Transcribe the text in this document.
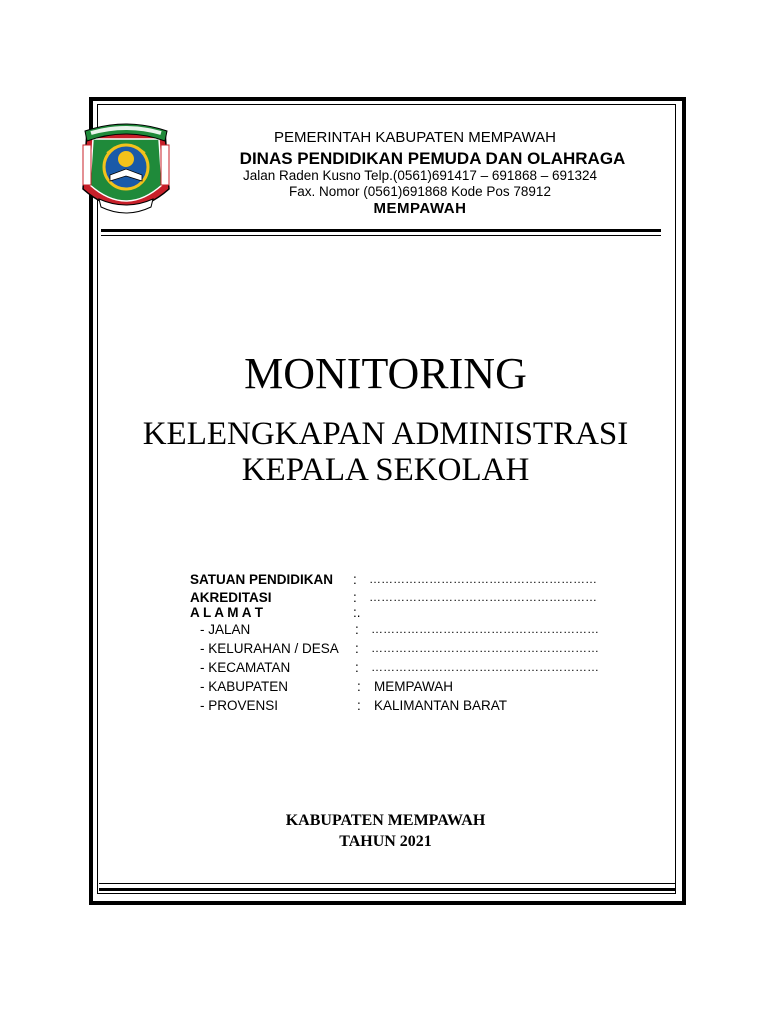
PEMERINTAH KABUPATEN MEMPAWAH
DINAS PENDIDIKAN PEMUDA DAN OLAHRAGA
Jalan Raden Kusno Telp.(0561)691417 – 691868 – 691324
Fax. Nomor (0561)691868 Kode Pos 78912
MEMPAWAH
MONITORING
KELENGKAPAN ADMINISTRASI
KEPALA SEKOLAH
SATUAN PENDIDIKAN : …………………………………………………
AKREDITASI	: …………………………………………………
A L A M A T	:.
- JALAN	: …………………………………………………
- KELURAHAN / DESA : …………………………………………………
- KECAMATAN	: …………………………………………………
- KABUPATEN	: MEMPAWAH
- PROVENSI	: KALIMANTAN BARAT
KABUPATEN MEMPAWAH
TAHUN 2021
